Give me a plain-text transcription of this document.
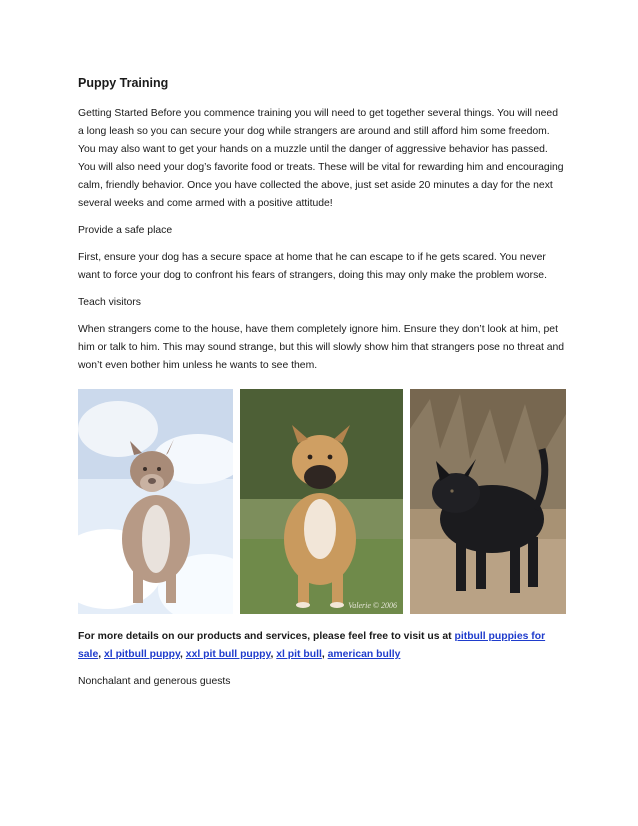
Puppy Training

Getting Started Before you commence training you will need to get together several things. You will need a long leash so you can secure your dog while strangers are around and still afford him some freedom. You may also want to get your hands on a muzzle until the danger of aggressive behavior has passed. You will also need your dog’s favorite food or treats. These will be vital for rewarding him and encouraging calm, friendly behavior. Once you have collected the above, just set aside 20 minutes a day for the next several weeks and come armed with a positive attitude!

Provide a safe place

First, ensure your dog has a secure space at home that he can escape to if he gets scared. You never want to force your dog to confront his fears of strangers, doing this may only make the problem worse.

Teach visitors

When strangers come to the house, have them completely ignore him. Ensure they don’t look at him, pet him or talk to him. This may sound strange, but this will slowly show him that strangers pose no threat and won’t even bother him unless he wants to see them.

Valerie © 2006

For more details on our products and services, please feel free to visit us at pitbull puppies for sale, xl pitbull puppy, xxl pit bull puppy, xl pit bull, american bully

Nonchalant and generous guests
